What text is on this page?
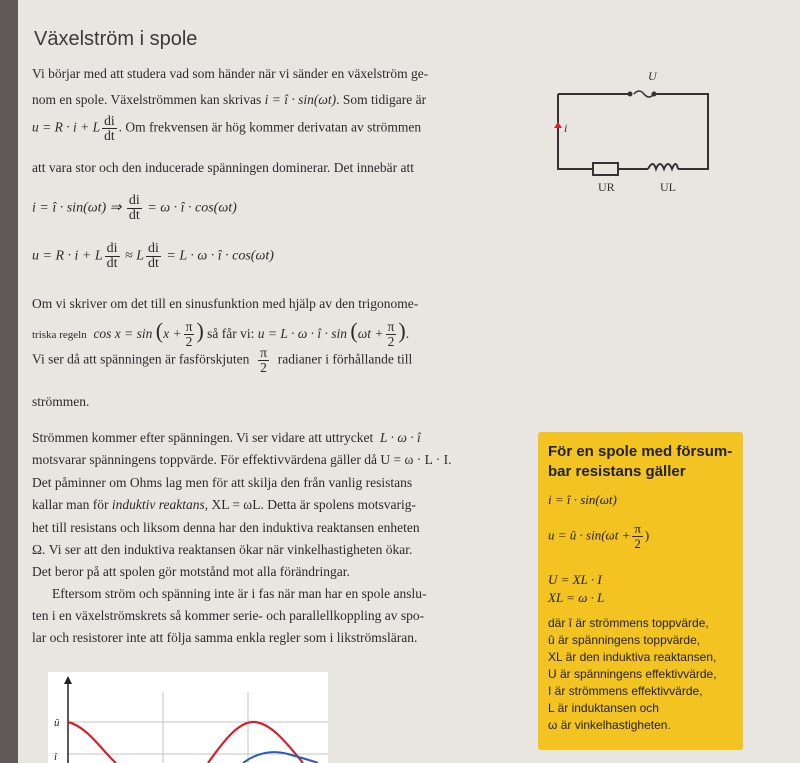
Växelström i spole
Vi börjar med att studera vad som händer när vi sänder en växelström ge-
nom en spole. Växelströmmen kan skrivas i = î · sin(ωt). Som tidigare är
u = R · i + L $\frac{di}{dt}$ . Om frekvensen är hög kommer derivatan av strömmen
att vara stor och den inducerade spänningen dominerar. Det innebär att
i = î · sin(ωt) ⇒ $\frac{di}{dt} = \omega$ · î · cos(ωt)
u = R · i + L $\frac{di}{dt} \approx L \frac{di}{dt} = L \cdot \omega$ · î · cos(ωt)
Om vi skriver om det till en sinusfunktion med hjälp av den trigonome-
triska regeln $\cos x = \sin (x + \frac{\pi}{2}$ ) så får vi: u = L · ω · î · $\sin (\omega t + \frac{\pi}{2}$ ).
Vi ser då att spänningen är fasförskjuten $\frac{\pi}{2}$ radianer i förhållande till
strömmen.
Strömmen kommer efter spänningen. Vi ser vidare att uttrycket L · ω · î
motsvarar spänningens toppvärde. För effektivvärdena gäller då U = ω · L · I.
Det påminner om Ohms lag men för att skilja den från vanlig resistans
kallar man för induktiv reaktans, XL = ωL. Detta är spolens motsvarig-
het till resistans och liksom denna har den induktiva reaktansen enheten
Ω. Vi ser att den induktiva reaktansen ökar när vinkelhastigheten ökar.
Det beror på att spolen gör motstånd mot alla förändringar.
Eftersom ström och spänning inte är i fas när man har en spole anslu-
ten i en växelströmskrets så kommer serie- och parallellkoppling av spo-
lar och resistorer inte att följa samma enkla regler som i likströmsläran.
U
i
UR	UL
För en spole med försum-bar resistans gäller
i = î · sin(ωt)
u = û · $\sin(\omega t + \frac{\pi}{2}$ )
U = XL · I
XL = ω · L
där î är strömmens toppvärde,
û är spänningens toppvärde,
XL är den induktiva reaktansen,
U är spänningens effektivvärde,
I är strömmens effektivvärde,
L är induktansen och
ω är vinkelhastigheten.
û
î
